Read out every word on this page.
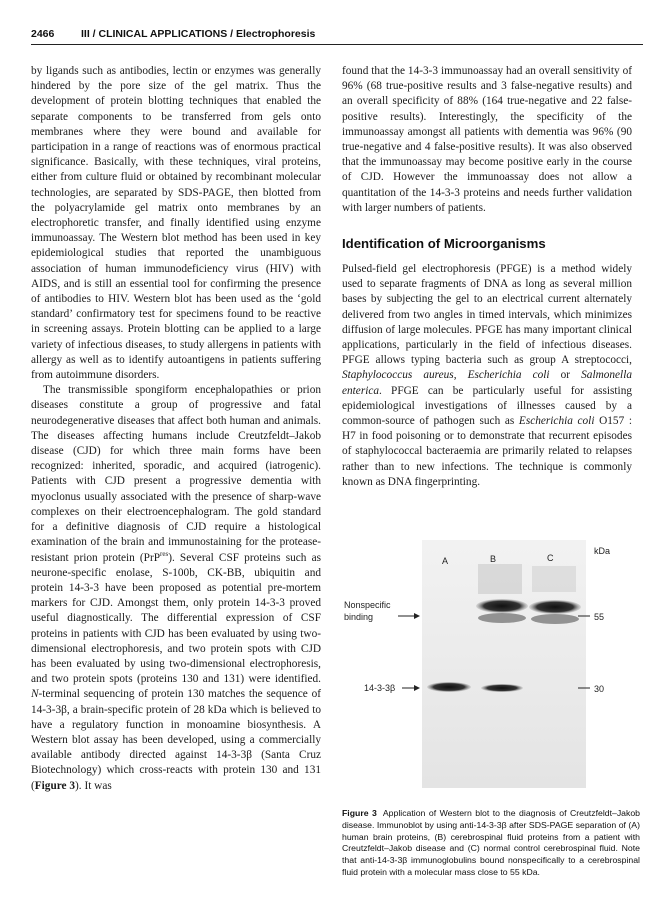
2466	III / CLINICAL APPLICATIONS / Electrophoresis

by ligands such as antibodies, lectin or enzymes was generally hindered by the pore size of the gel matrix. Thus the development of protein blotting techniques that enabled the separate components to be transferred from gels onto membranes where they were bound and available for participation in a range of reactions was of enormous practical significance. Basically, with these techniques, viral proteins, either from culture fluid or obtained by recombinant molecular technologies, are separated by SDS-PAGE, then blotted from the polyacrylamide gel matrix onto membranes by an electrophoretic transfer, and finally identified using enzyme immunoassay. The Western blot method has been used in key epidemiological studies that reported the unambiguous association of human immunodeficiency virus (HIV) with AIDS, and is still an essential tool for confirming the presence of antibodies to HIV. Western blot has been used as the ‘gold standard’ confirmatory test for specimens found to be reactive in screening assays. Protein blotting can be applied to a large variety of infectious diseases, to study allergens in patients with allergy as well as to identify autoantigens in patients suffering from autoimmune disorders.

The transmissible spongiform encephalopathies or prion diseases constitute a group of progressive and fatal neurodegenerative diseases that affect both human and animals. The diseases affecting humans include Creutzfeldt–Jakob disease (CJD) for which three main forms have been recognized: inherited, sporadic, and acquired (iatrogenic). Patients with CJD present a progressive dementia with myoclonus usually associated with the presence of sharp-wave complexes on their electroencephalogram. The gold standard for a definitive diagnosis of CJD require a histological examination of the brain and immunostaining for the protease-resistant prion protein (PrP$^{res}$). Several CSF proteins such as neurone-specific enolase, S-100b, CK-BB, ubiquitin and protein 14-3-3 have been proposed as potential pre-mortem markers for CJD. Amongst them, only protein 14-3-3 proved useful diagnostically. The differential expression of CSF proteins in patients with CJD has been evaluated by using two-dimensional electrophoresis, and two protein spots with CJD has been evaluated by using two-dimensional electrophoresis, and two protein spots (proteins 130 and 131) were identified. N-terminal sequencing of protein 130 matches the sequence of 14-3-3β, a brain-specific protein of 28 kDa which is believed to have a regulatory function in monoamine biosynthesis. A Western blot assay has been developed, using a commercially available antibody directed against 14-3-3β (Santa Cruz Biotechnology) which cross-reacts with protein 130 and 131 (Figure 3). It was

found that the 14-3-3 immunoassay had an overall sensitivity of 96% (68 true-positive results and 3 false-negative results) and an overall specificity of 88% (164 true-negative and 22 false-positive results). Interestingly, the specificity of the immunoassay amongst all patients with dementia was 96% (90 true-negative and 4 false-positive results). It was also observed that the immunoassay may become positive early in the course of CJD. However the immunoassay does not allow a quantitation of the 14-3-3 proteins and needs further validation with larger numbers of patients.

Identification of Microorganisms

Pulsed-field gel electrophoresis (PFGE) is a method widely used to separate fragments of DNA as long as several million bases by subjecting the gel to an electrical current alternately delivered from two angles in timed intervals, which minimizes diffusion of large molecules. PFGE has many important clinical applications, particularly in the field of infectious diseases. PFGE allows typing bacteria such as group A streptococci, Staphylococcus aureus, Escherichia coli or Salmonella enterica. PFGE can be particularly useful for assisting epidemiological investigations of illnesses caused by a common-source of pathogen such as Escherichia coli O157 : H7 in food poisoning or to demonstrate that recurrent episodes of staphylococcal bacteraemia are primarily related to relapses rather than to new infections. The technique is commonly known as DNA fingerprinting.

A	B	C
kDa
Nonspecific
binding
14-3-3β
55
30
Figure 3 Application of Western blot to the diagnosis of Creutzfeldt–Jakob disease. Immunoblot by using anti-14-3-3β after SDS-PAGE separation of (A) human brain proteins, (B) cerebrospinal fluid proteins from a patient with Creutzfeldt–Jakob disease and (C) normal control cerebrospinal fluid. Note that anti-14-3-3β immunoglobulins bound nonspecifically to a cerebrospinal fluid protein with a molecular mass close to 55 kDa.
